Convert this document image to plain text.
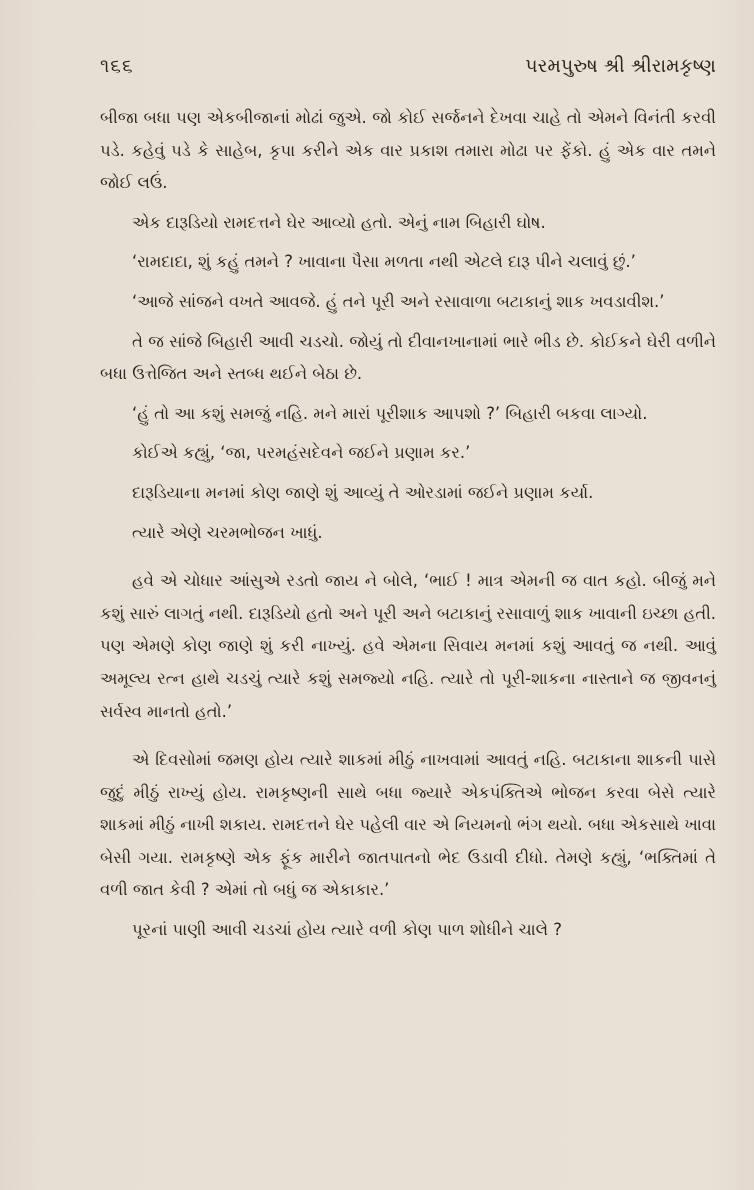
૧૬૬	પરમપુરુષ શ્રી શ્રીરામકૃષ્ણ

બીજા બધા પણ એકબીજાનાં મોઢાં જુએ. જો કોઈ સર્જનને દેખવા ચાહે તો એમને વિનંતી કરવી પડે. કહેવું પડે કે સાહેબ, કૃપા કરીને એક વાર પ્રકાશ તમારા મોઢા પર ફેંકો. હું એક વાર તમને જોઈ લઉં.

એક દારૂડિયો રામદત્તને ઘેર આવ્યો હતો. એનું નામ બિહારી ઘોષ.

‘રામદાદા, શું કહું તમને ? ખાવાના પૈસા મળતા નથી એટલે દારૂ પીને ચલાવું છું.’

‘આજે સાંજને વખતે આવજે. હું તને પૂરી અને રસાવાળા બટાકાનું શાક ખવડાવીશ.’

તે જ સાંજે બિહારી આવી ચડચો. જોયું તો દીવાનખાનામાં ભારે ભીડ છે. કોઈકને ઘેરી વળીને બધા ઉત્તેજિત અને સ્તબ્ધ થઈને બેઠા છે.

‘હું તો આ કશું સમજું નહિ. મને મારાં પૂરીશાક આપશો ?’ બિહારી બકવા લાગ્યો.

કોઈએ કહ્યું, ‘જા, પરમહંસદેવને જઈને પ્રણામ કર.’

દારૂડિયાના મનમાં કોણ જાણે શું આવ્યું તે ઓરડામાં જઈને પ્રણામ કર્યા.

ત્યારે એણે ચરમભોજન ખાધું.

હવે એ ચોધાર આંસુએ રડતો જાય ને બોલે, ‘ભાઈ ! માત્ર એમની જ વાત કહો. બીજું મને કશું સારું લાગતું નથી. દારૂડિયો હતો અને પૂરી અને બટાકાનું રસાવાળું શાક ખાવાની ઇચ્છા હતી. પણ એમણે કોણ જાણે શું કરી નાખ્યું. હવે એમના સિવાય મનમાં કશું આવતું જ નથી. આવું અમૂલ્ય રત્ન હાથે ચડચું ત્યારે કશું સમજ્યો નહિ. ત્યારે તો પૂરી-શાકના નાસ્તાને જ જીવનનું સર્વસ્વ માનતો હતો.’

એ દિવસોમાં જમણ હોય ત્યારે શાકમાં મીઠું નાખવામાં આવતું નહિ. બટાકાના શાકની પાસે જુદું મીઠું રાખ્યું હોય. રામકૃષ્ણની સાથે બધા જ્યારે એકપંક્તિએ ભોજન કરવા બેસે ત્યારે શાકમાં મીઠું નાખી શકાય. રામદત્તને ઘેર પહેલી વાર એ નિયમનો ભંગ થયો. બધા એકસાથે ખાવા બેસી ગયા. રામકૃષ્ણે એક ફૂંક મારીને જાતપાતનો ભેદ ઉડાવી દીધો. તેમણે કહ્યું, ‘ભક્તિમાં તે વળી જાત કેવી ? એમાં તો બધું જ એકાકાર.’

પૂરનાં પાણી આવી ચડચાં હોય ત્યારે વળી કોણ પાળ શોધીને ચાલે ?
